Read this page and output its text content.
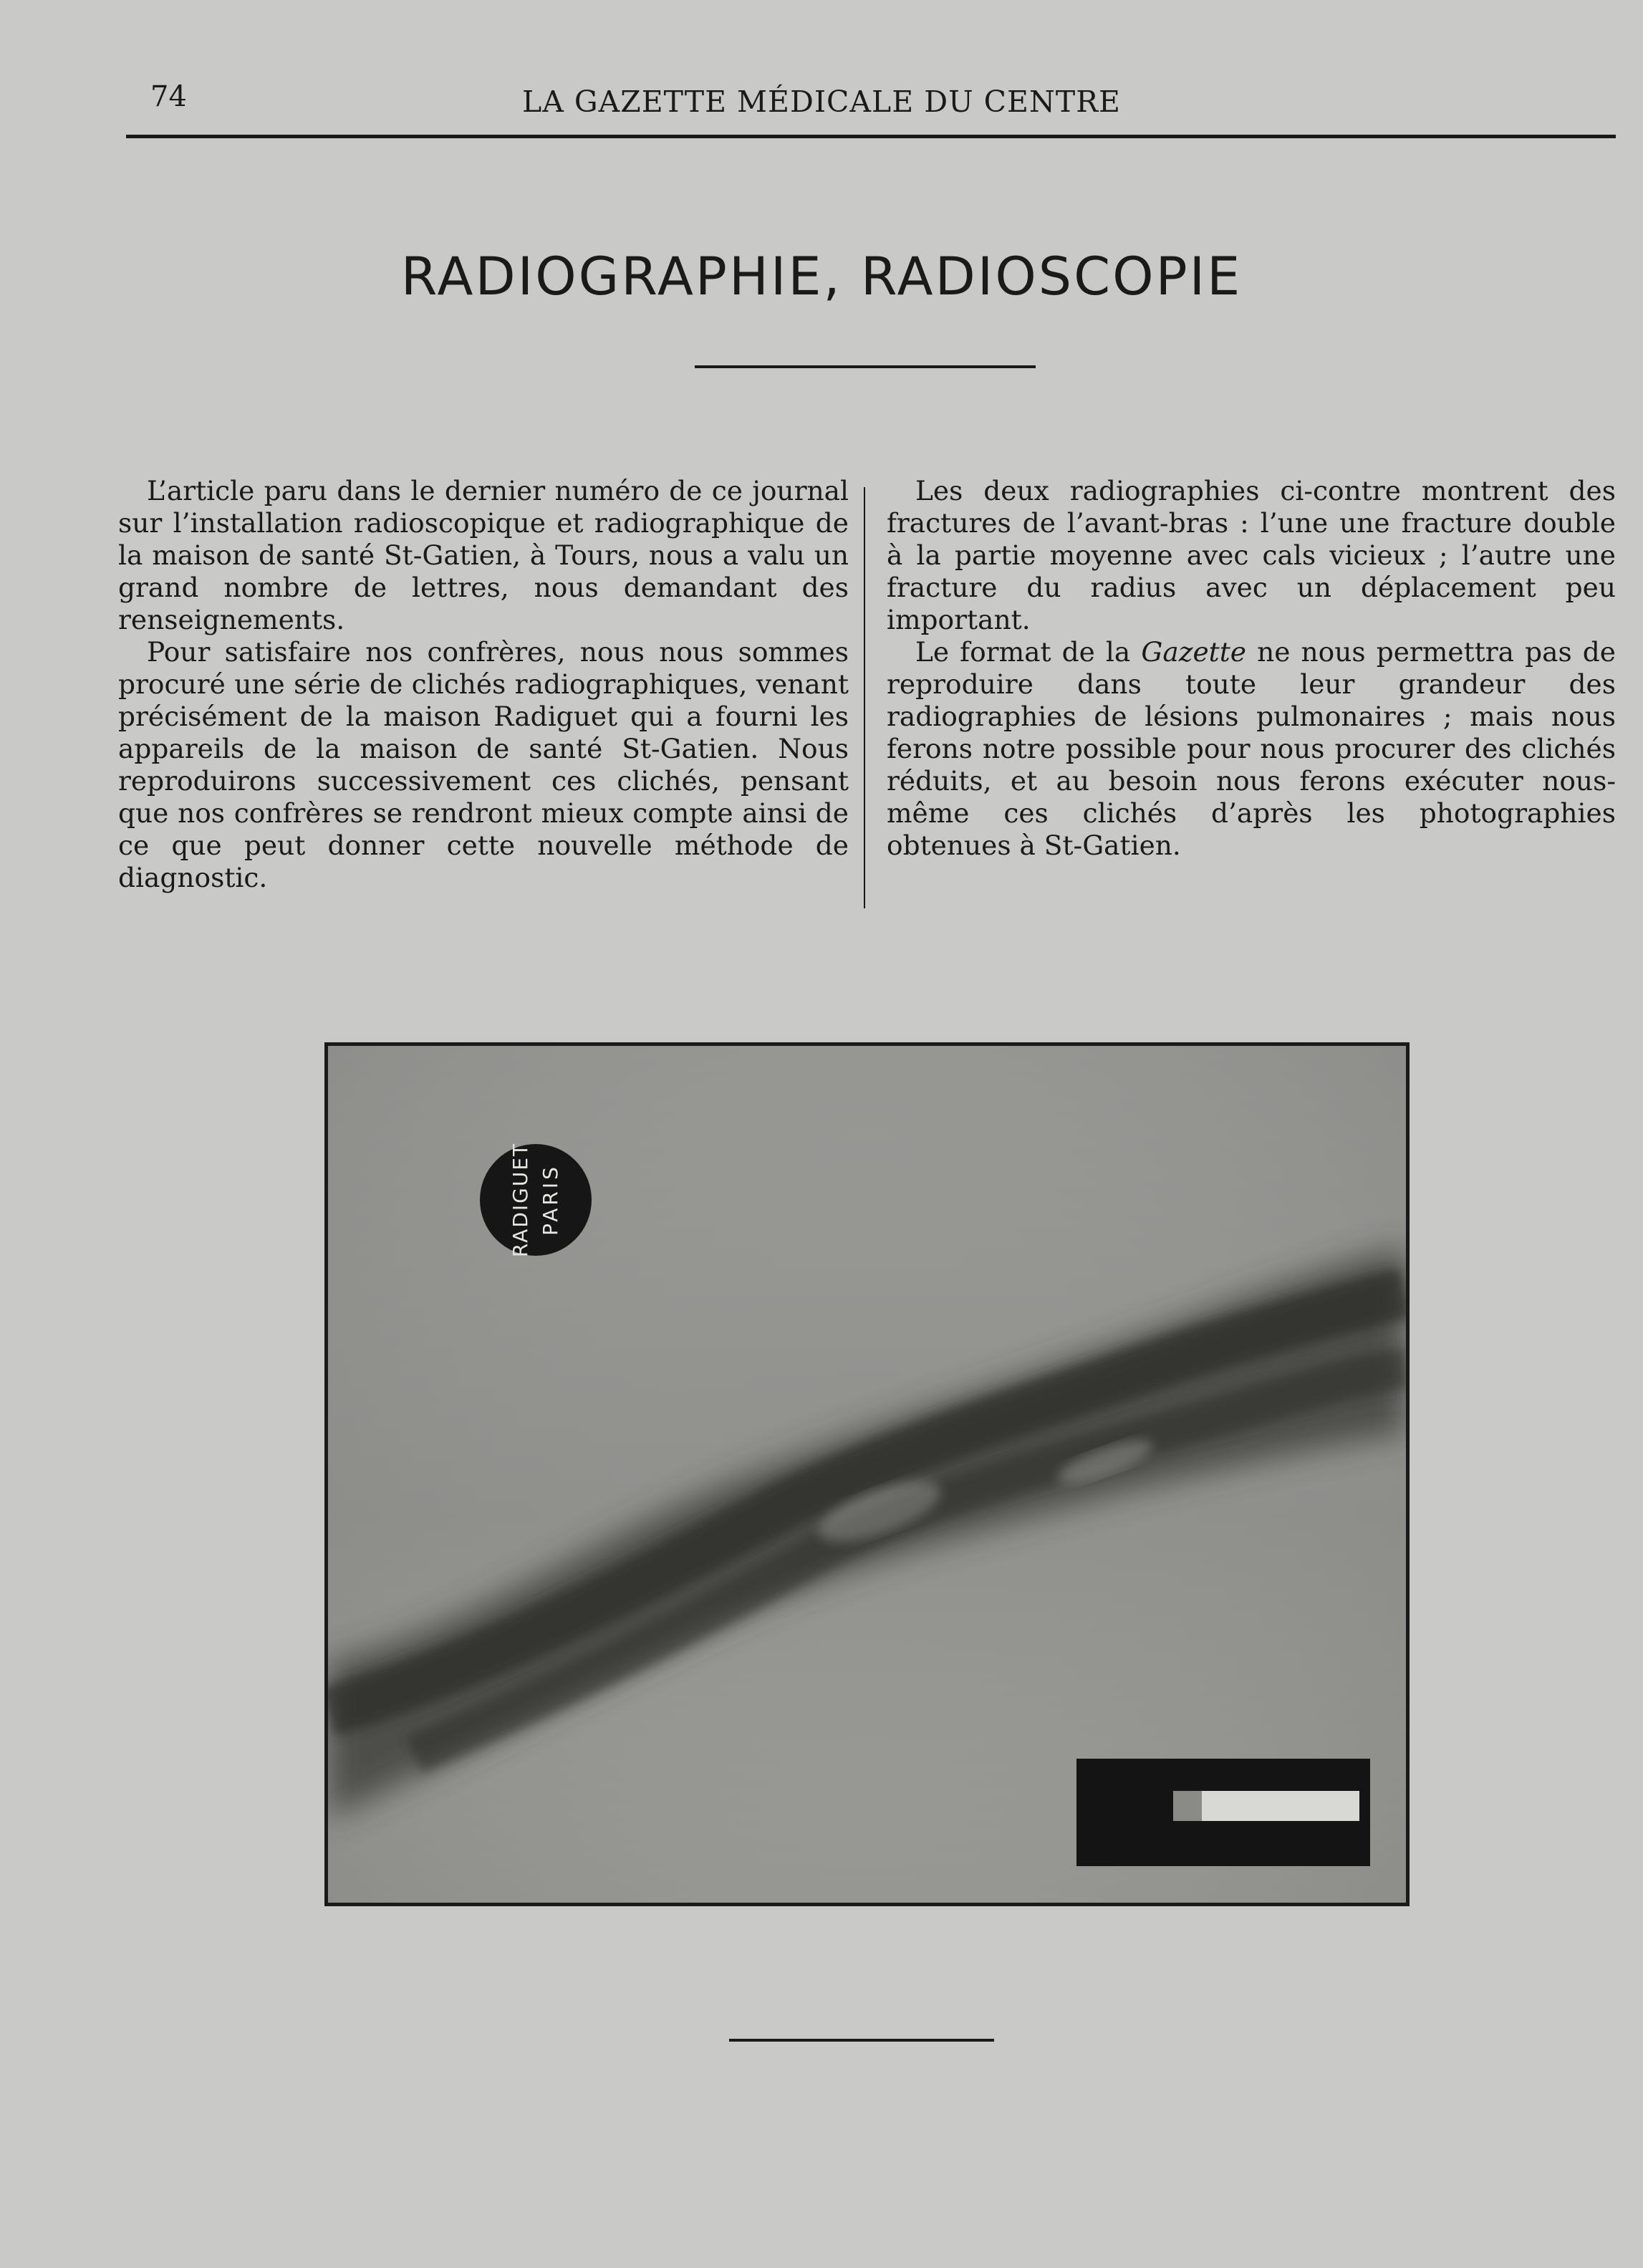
74	LA GAZETTE MÉDICALE DU CENTRE
RADIOGRAPHIE, RADIOSCOPIE

L’article paru dans le dernier numéro de ce journal sur l’installation radioscopique et radiographique de la maison de santé St-Gatien, à Tours, nous a valu un grand nombre de lettres, nous demandant des renseignements.

Pour satisfaire nos confrères, nous nous sommes procuré une série de clichés radiographiques, venant précisément de la maison Radiguet qui a fourni les appareils de la maison de santé St-Gatien. Nous reproduirons successivement ces clichés, pensant que nos confrères se rendront mieux compte ainsi de ce que peut donner cette nouvelle méthode de diagnostic.

Les deux radiographies ci-contre montrent des fractures de l’avant-bras : l’une une fracture double à la partie moyenne avec cals vicieux ; l’autre une fracture du radius avec un déplacement peu important.

Le format de la Gazette ne nous permettra pas de reproduire dans toute leur grandeur des radiographies de lésions pulmonaires ; mais nous ferons notre possible pour nous procurer des clichés réduits, et au besoin nous ferons exécuter nous-même ces clichés d’après les photographies obtenues à St-Gatien.

RADIGUET PARIS
